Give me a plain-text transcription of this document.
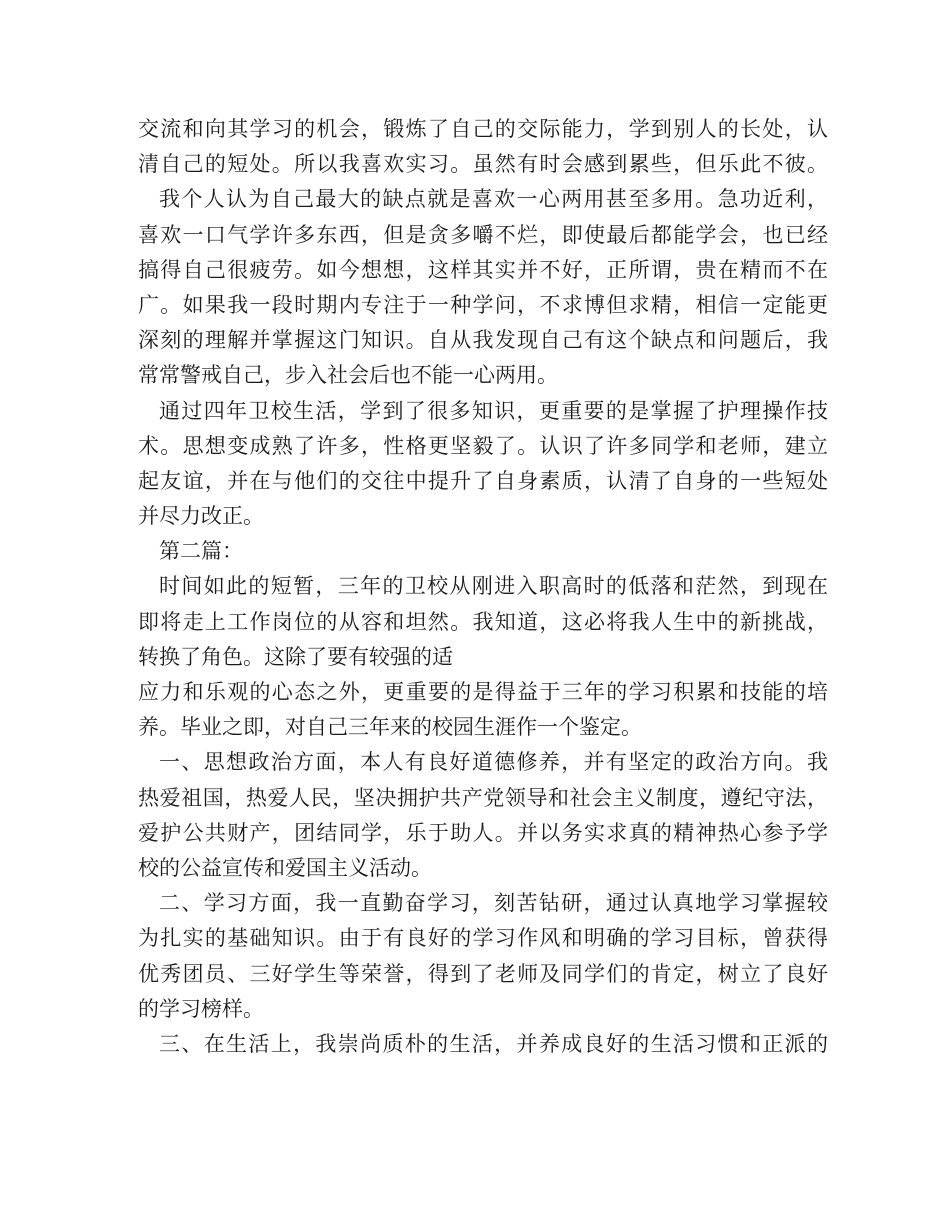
交流和向其学习的机会，锻炼了自己的交际能力，学到别人的长处，认
清自己的短处。所以我喜欢实习。虽然有时会感到累些，但乐此不彼。
我个人认为自己最大的缺点就是喜欢一心两用甚至多用。急功近利，
喜欢一口气学许多东西，但是贪多嚼不烂，即使最后都能学会，也已经
搞得自己很疲劳。如今想想，这样其实并不好，正所谓，贵在精而不在
广。如果我一段时期内专注于一种学问，不求博但求精，相信一定能更
深刻的理解并掌握这门知识。自从我发现自己有这个缺点和问题后，我
常常警戒自己，步入社会后也不能一心两用。
通过四年卫校生活，学到了很多知识，更重要的是掌握了护理操作技
术。思想变成熟了许多，性格更坚毅了。认识了许多同学和老师，建立
起友谊，并在与他们的交往中提升了自身素质，认清了自身的一些短处
并尽力改正。
第二篇：
时间如此的短暂，三年的卫校从刚进入职高时的低落和茫然，到现在
即将走上工作岗位的从容和坦然。我知道，这必将我人生中的新挑战，
转换了角色。这除了要有较强的适
应力和乐观的心态之外，更重要的是得益于三年的学习积累和技能的培
养。毕业之即，对自己三年来的校园生涯作一个鉴定。
一、思想政治方面，本人有良好道德修养，并有坚定的政治方向。我
热爱祖国，热爱人民，坚决拥护共产党领导和社会主义制度，遵纪守法，
爱护公共财产，团结同学，乐于助人。并以务实求真的精神热心参予学
校的公益宣传和爱国主义活动。
二、学习方面，我一直勤奋学习，刻苦钻研，通过认真地学习掌握较
为扎实的基础知识。由于有良好的学习作风和明确的学习目标，曾获得
优秀团员、三好学生等荣誉，得到了老师及同学们的肯定，树立了良好
的学习榜样。
三、在生活上，我崇尚质朴的生活，并养成良好的生活习惯和正派的
